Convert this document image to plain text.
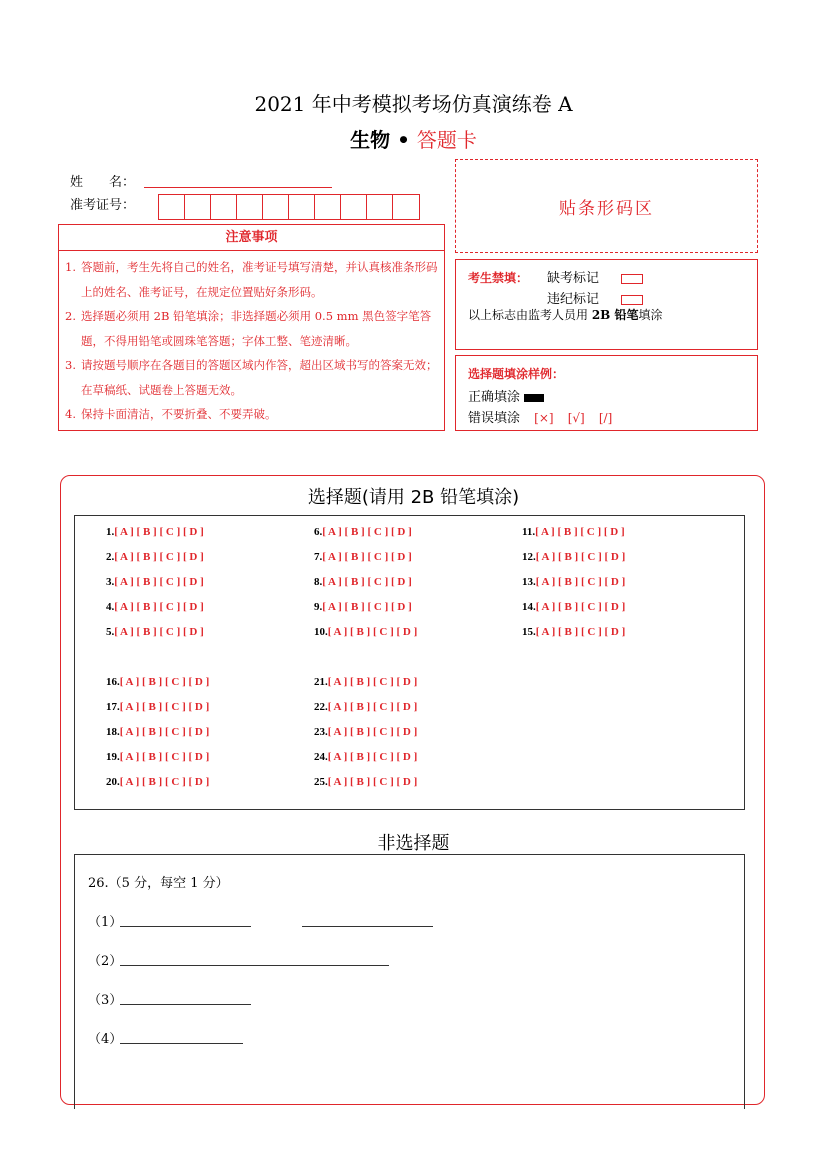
2021 年中考模拟考场仿真演练卷 A
生物 • 答题卡
姓　　名：
准考证号：	贴条形码区
注意事项
1. 答题前，考生先将自己的姓名，准考证号填写清楚，并认真核准条形码上的姓名、准考证号，在规定位置贴好条形码。
2. 选择题必须用 2B 铅笔填涂；非选择题必须用 0.5 mm 黑色签字笔答题，不得用铅笔或圆珠笔答题；字体工整、笔迹清晰。
3. 请按题号顺序在各题目的答题区域内作答，超出区域书写的答案无效；在草稿纸、试题卷上答题无效。
4. 保持卡面清洁，不要折叠、不要弄破。
考生禁填： 缺考标记
违纪标记
以上标志由监考人员用 2B 铅笔填涂
选择题填涂样例：
正确填涂
错误填涂 [×] [√] [/]
选择题(请用 2B 铅笔填涂)
1.[ A ] [ B ] [ C ] [ D ]
2.[ A ] [ B ] [ C ] [ D ]
3.[ A ] [ B ] [ C ] [ D ]
4.[ A ] [ B ] [ C ] [ D ]
5.[ A ] [ B ] [ C ] [ D ]
6.[ A ] [ B ] [ C ] [ D ]
7.[ A ] [ B ] [ C ] [ D ]
8.[ A ] [ B ] [ C ] [ D ]
9.[ A ] [ B ] [ C ] [ D ]
10.[ A ] [ B ] [ C ] [ D ]
11.[ A ] [ B ] [ C ] [ D ]
12.[ A ] [ B ] [ C ] [ D ]
13.[ A ] [ B ] [ C ] [ D ]
14.[ A ] [ B ] [ C ] [ D ]
15.[ A ] [ B ] [ C ] [ D ]
16.[ A ] [ B ] [ C ] [ D ]
17.[ A ] [ B ] [ C ] [ D ]
18.[ A ] [ B ] [ C ] [ D ]
19.[ A ] [ B ] [ C ] [ D ]
20.[ A ] [ B ] [ C ] [ D ]
21.[ A ] [ B ] [ C ] [ D ]
22.[ A ] [ B ] [ C ] [ D ]
23.[ A ] [ B ] [ C ] [ D ]
24.[ A ] [ B ] [ C ] [ D ]
25.[ A ] [ B ] [ C ] [ D ]
非选择题
26.（5 分，每空 1 分）
（1）
（2）
（3）
（4）
